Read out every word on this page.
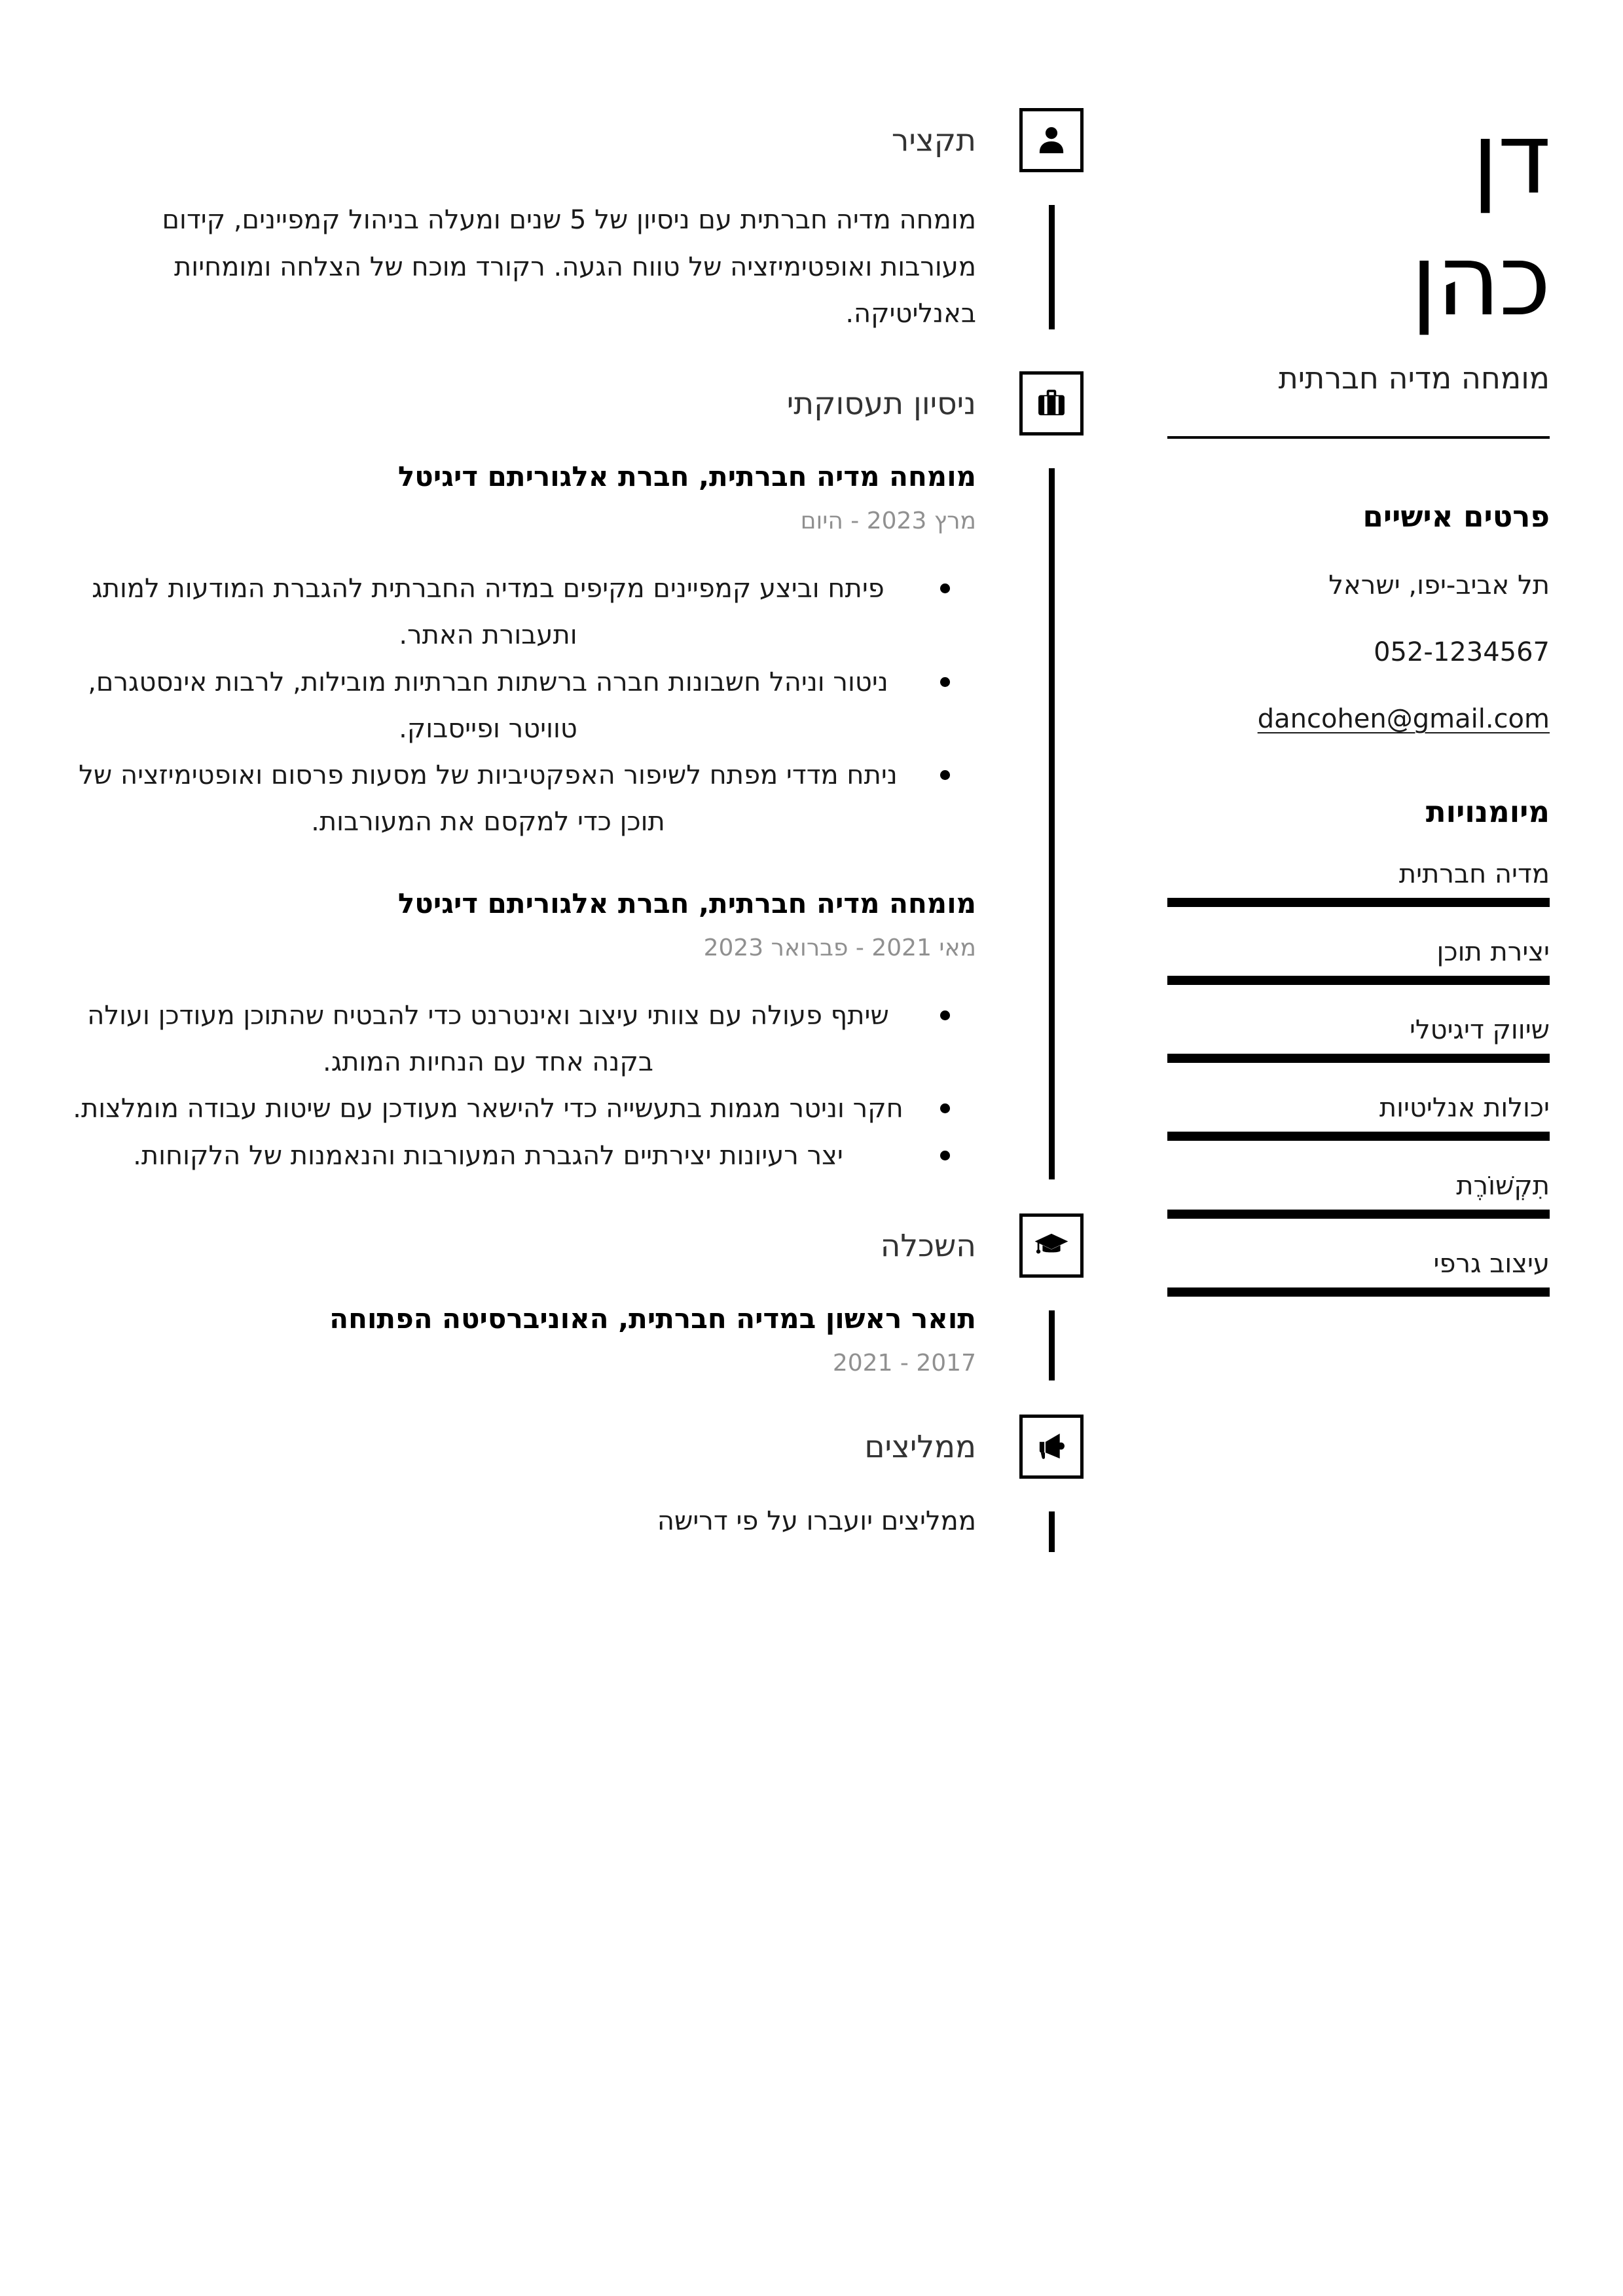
דן
כהן
מומחה מדיה חברתית
פרטים אישיים
תל אביב-יפו, ישראל
052-1234567
dancohen@gmail.com
מיומנויות
מדיה חברתית
יצירת תוכן
שיווק דיגיטלי
יכולות אנליטיות
תִקְשׁוֹרֶת
עיצוב גרפי
תקציר

מומחה מדיה חברתית עם ניסיון של 5 שנים ומעלה בניהול קמפיינים, קידום מעורבות ואופטימיזציה של טווח הגעה. רקורד מוכח של הצלחה ומומחיות באנליטיקה.

ניסיון תעסוקתי
מומחה מדיה חברתית, חברת אלגוריתם דיגיטל
מרץ 2023 - היום
פיתח וביצע קמפיינים מקיפים במדיה החברתית להגברת המודעות למותג ותעבורת האתר.
ניטור וניהל חשבונות חברה ברשתות חברתיות מובילות, לרבות אינסטגרם, טוויטר ופייסבוק.
ניתח מדדי מפתח לשיפור האפקטיביות של מסעות פרסום ואופטימיזציה של תוכן כדי למקסם את המעורבות.
מומחה מדיה חברתית, חברת אלגוריתם דיגיטל
מאי 2021 - פברואר 2023
שיתף פעולה עם צוותי עיצוב ואינטרנט כדי להבטיח שהתוכן מעודכן ועולה בקנה אחד עם הנחיות המותג.
חקר וניטר מגמות בתעשייה כדי להישאר מעודכן עם שיטות עבודה מומלצות.
יצר רעיונות יצירתיים להגברת המעורבות והנאמנות של הלקוחות.
השכלה
תואר ראשון במדיה חברתית, האוניברסיטה הפתוחה
2017 - 2021
ממליצים

ממליצים יועברו על פי דרישה
